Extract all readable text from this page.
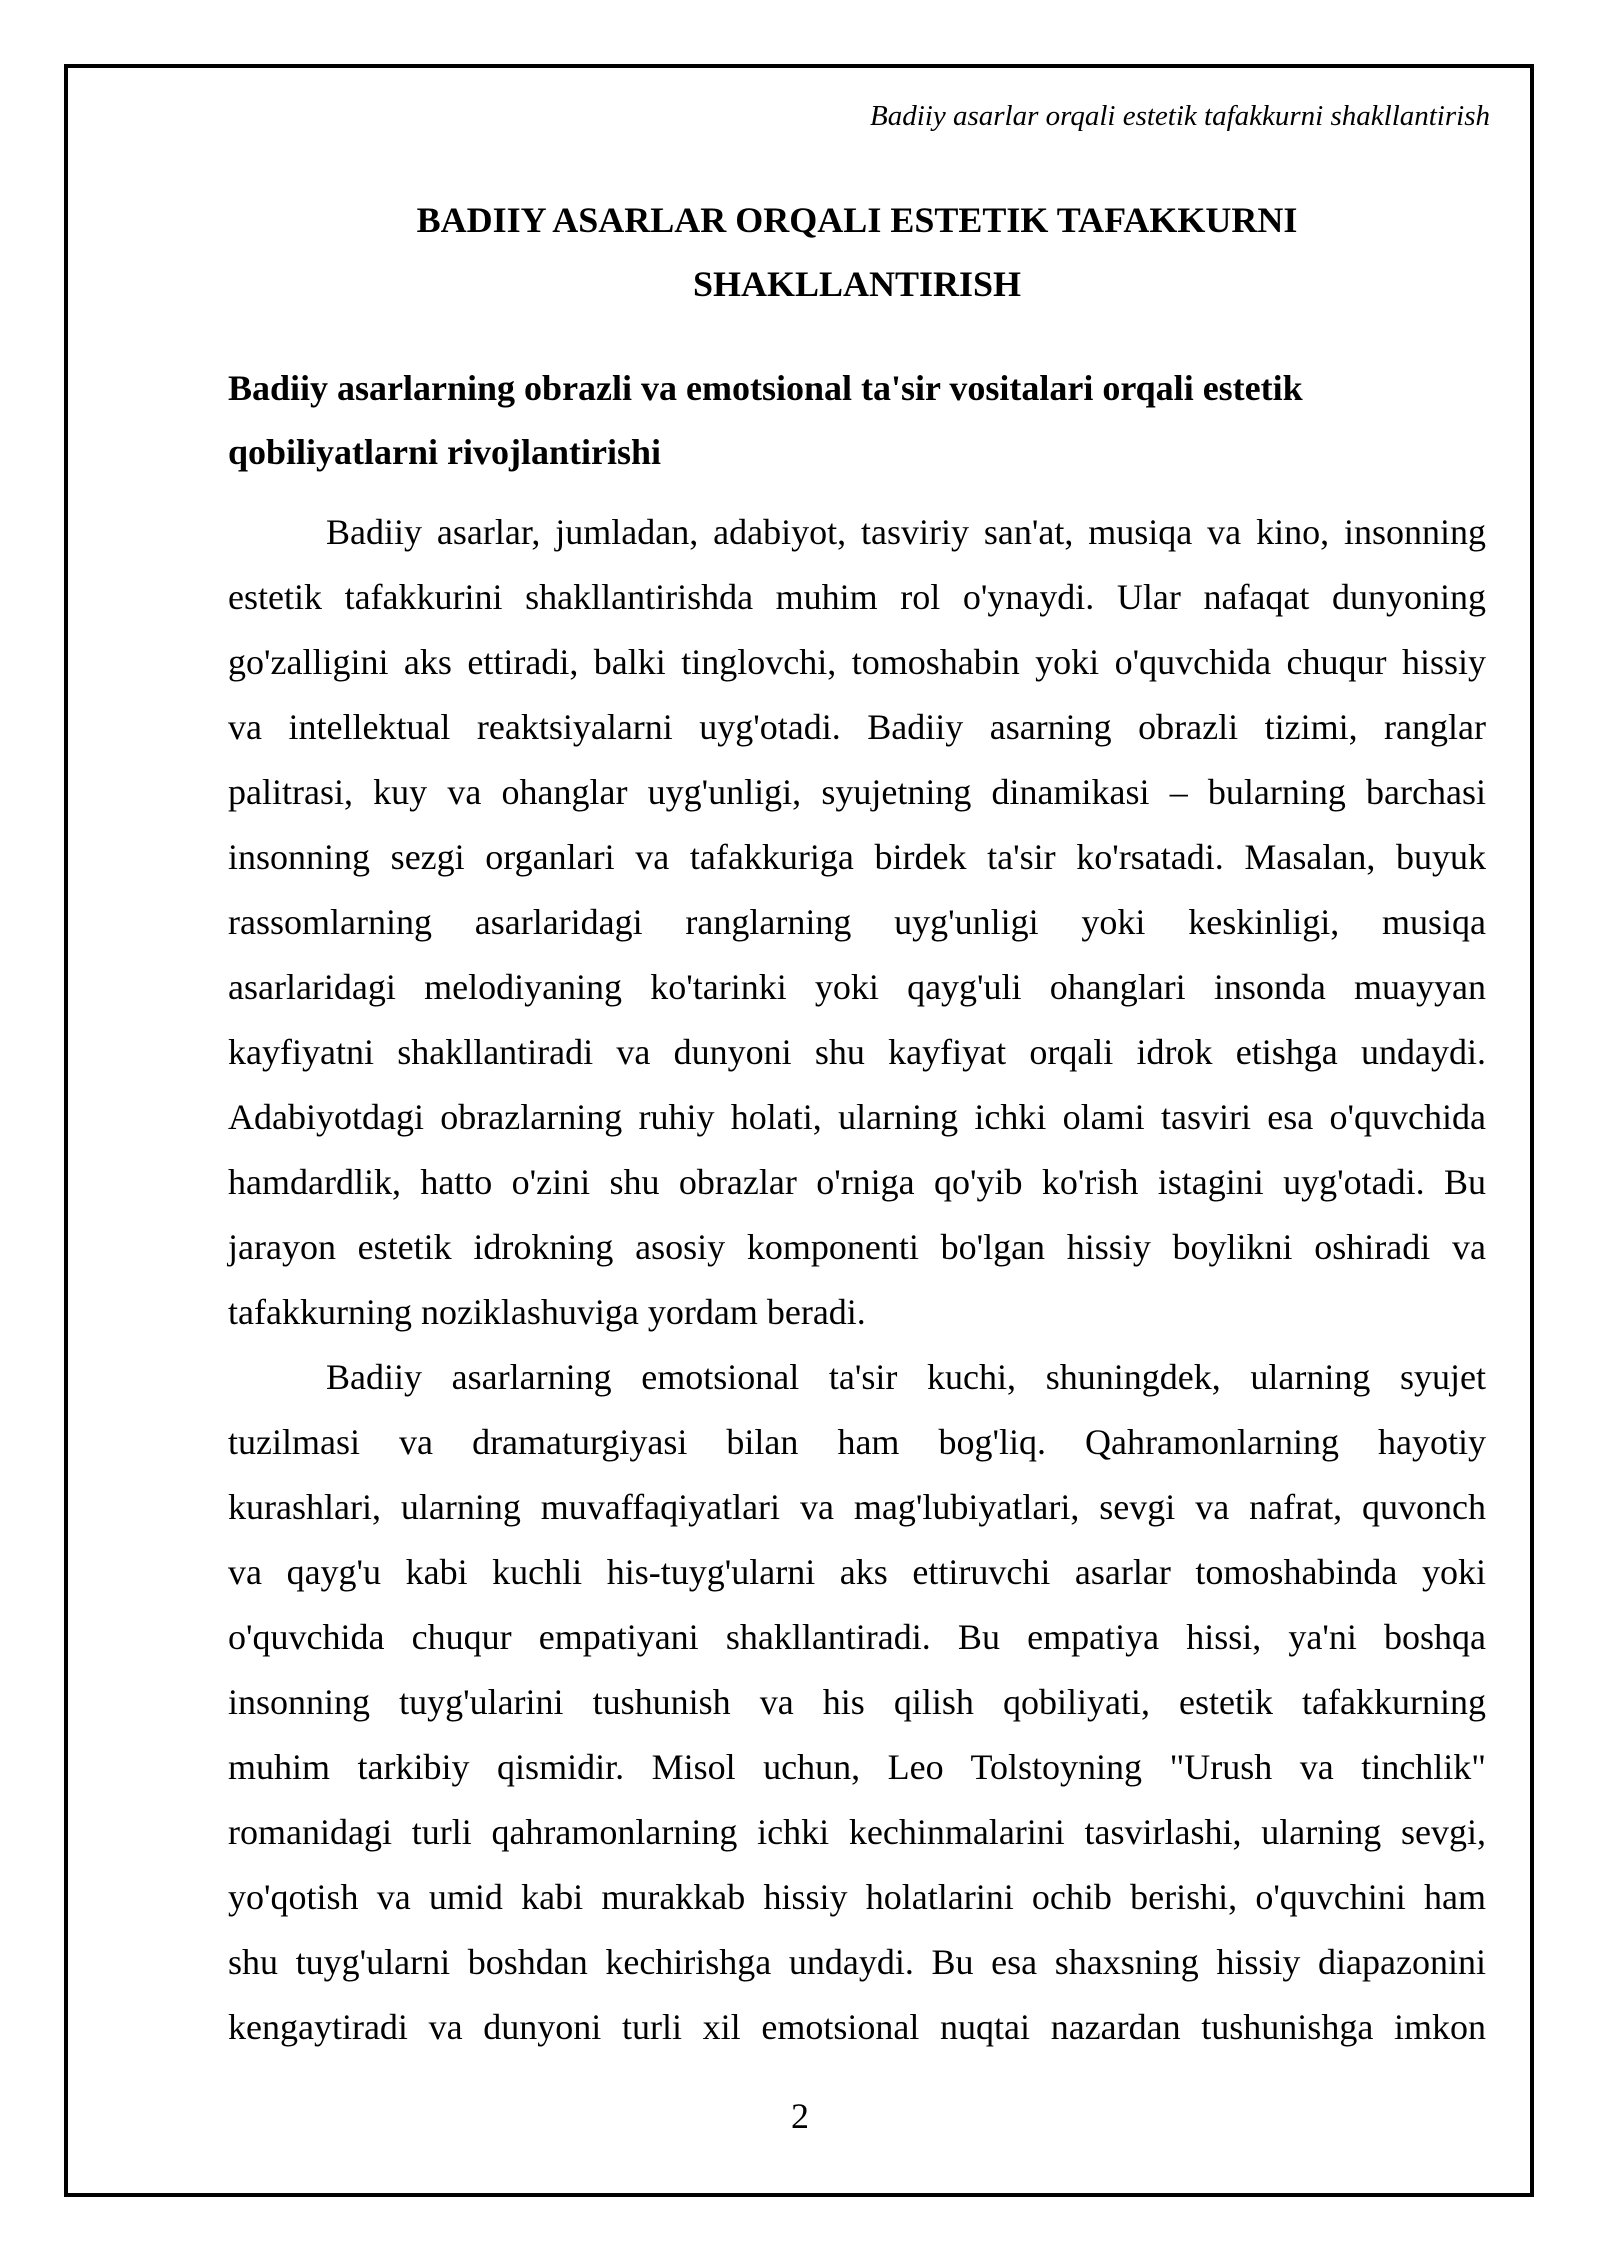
Badiiy asarlar orqali estetik tafakkurni shakllantirish
BADIIY ASARLAR ORQALI ESTETIK TAFAKKURNI
SHAKLLANTIRISH
Badiiy asarlarning obrazli va emotsional ta'sir vositalari orqali estetik
qobiliyatlarni rivojlantirishi

Badiiy asarlar, jumladan, adabiyot, tasviriy san'at, musiqa va kino, insonning

estetik tafakkurini shakllantirishda muhim rol o'ynaydi. Ular nafaqat dunyoning

go'zalligini aks ettiradi, balki tinglovchi, tomoshabin yoki o'quvchida chuqur hissiy

va intellektual reaktsiyalarni uyg'otadi. Badiiy asarning obrazli tizimi, ranglar

palitrasi, kuy va ohanglar uyg'unligi, syujetning dinamikasi – bularning barchasi

insonning sezgi organlari va tafakkuriga birdek ta'sir ko'rsatadi. Masalan, buyuk

rassomlarning asarlaridagi ranglarning uyg'unligi yoki keskinligi, musiqa

asarlaridagi melodiyaning ko'tarinki yoki qayg'uli ohanglari insonda muayyan

kayfiyatni shakllantiradi va dunyoni shu kayfiyat orqali idrok etishga undaydi.

Adabiyotdagi obrazlarning ruhiy holati, ularning ichki olami tasviri esa o'quvchida

hamdardlik, hatto o'zini shu obrazlar o'rniga qo'yib ko'rish istagini uyg'otadi. Bu

jarayon estetik idrokning asosiy komponenti bo'lgan hissiy boylikni oshiradi va

tafakkurning noziklashuviga yordam beradi.

Badiiy asarlarning emotsional ta'sir kuchi, shuningdek, ularning syujet

tuzilmasi va dramaturgiyasi bilan ham bog'liq. Qahramonlarning hayotiy

kurashlari, ularning muvaffaqiyatlari va mag'lubiyatlari, sevgi va nafrat, quvonch

va qayg'u kabi kuchli his-tuyg'ularni aks ettiruvchi asarlar tomoshabinda yoki

o'quvchida chuqur empatiyani shakllantiradi. Bu empatiya hissi, ya'ni boshqa

insonning tuyg'ularini tushunish va his qilish qobiliyati, estetik tafakkurning

muhim tarkibiy qismidir. Misol uchun, Leo Tolstoyning "Urush va tinchlik"

romanidagi turli qahramonlarning ichki kechinmalarini tasvirlashi, ularning sevgi,

yo'qotish va umid kabi murakkab hissiy holatlarini ochib berishi, o'quvchini ham

shu tuyg'ularni boshdan kechirishga undaydi. Bu esa shaxsning hissiy diapazonini

kengaytiradi va dunyoni turli xil emotsional nuqtai nazardan tushunishga imkon

2
